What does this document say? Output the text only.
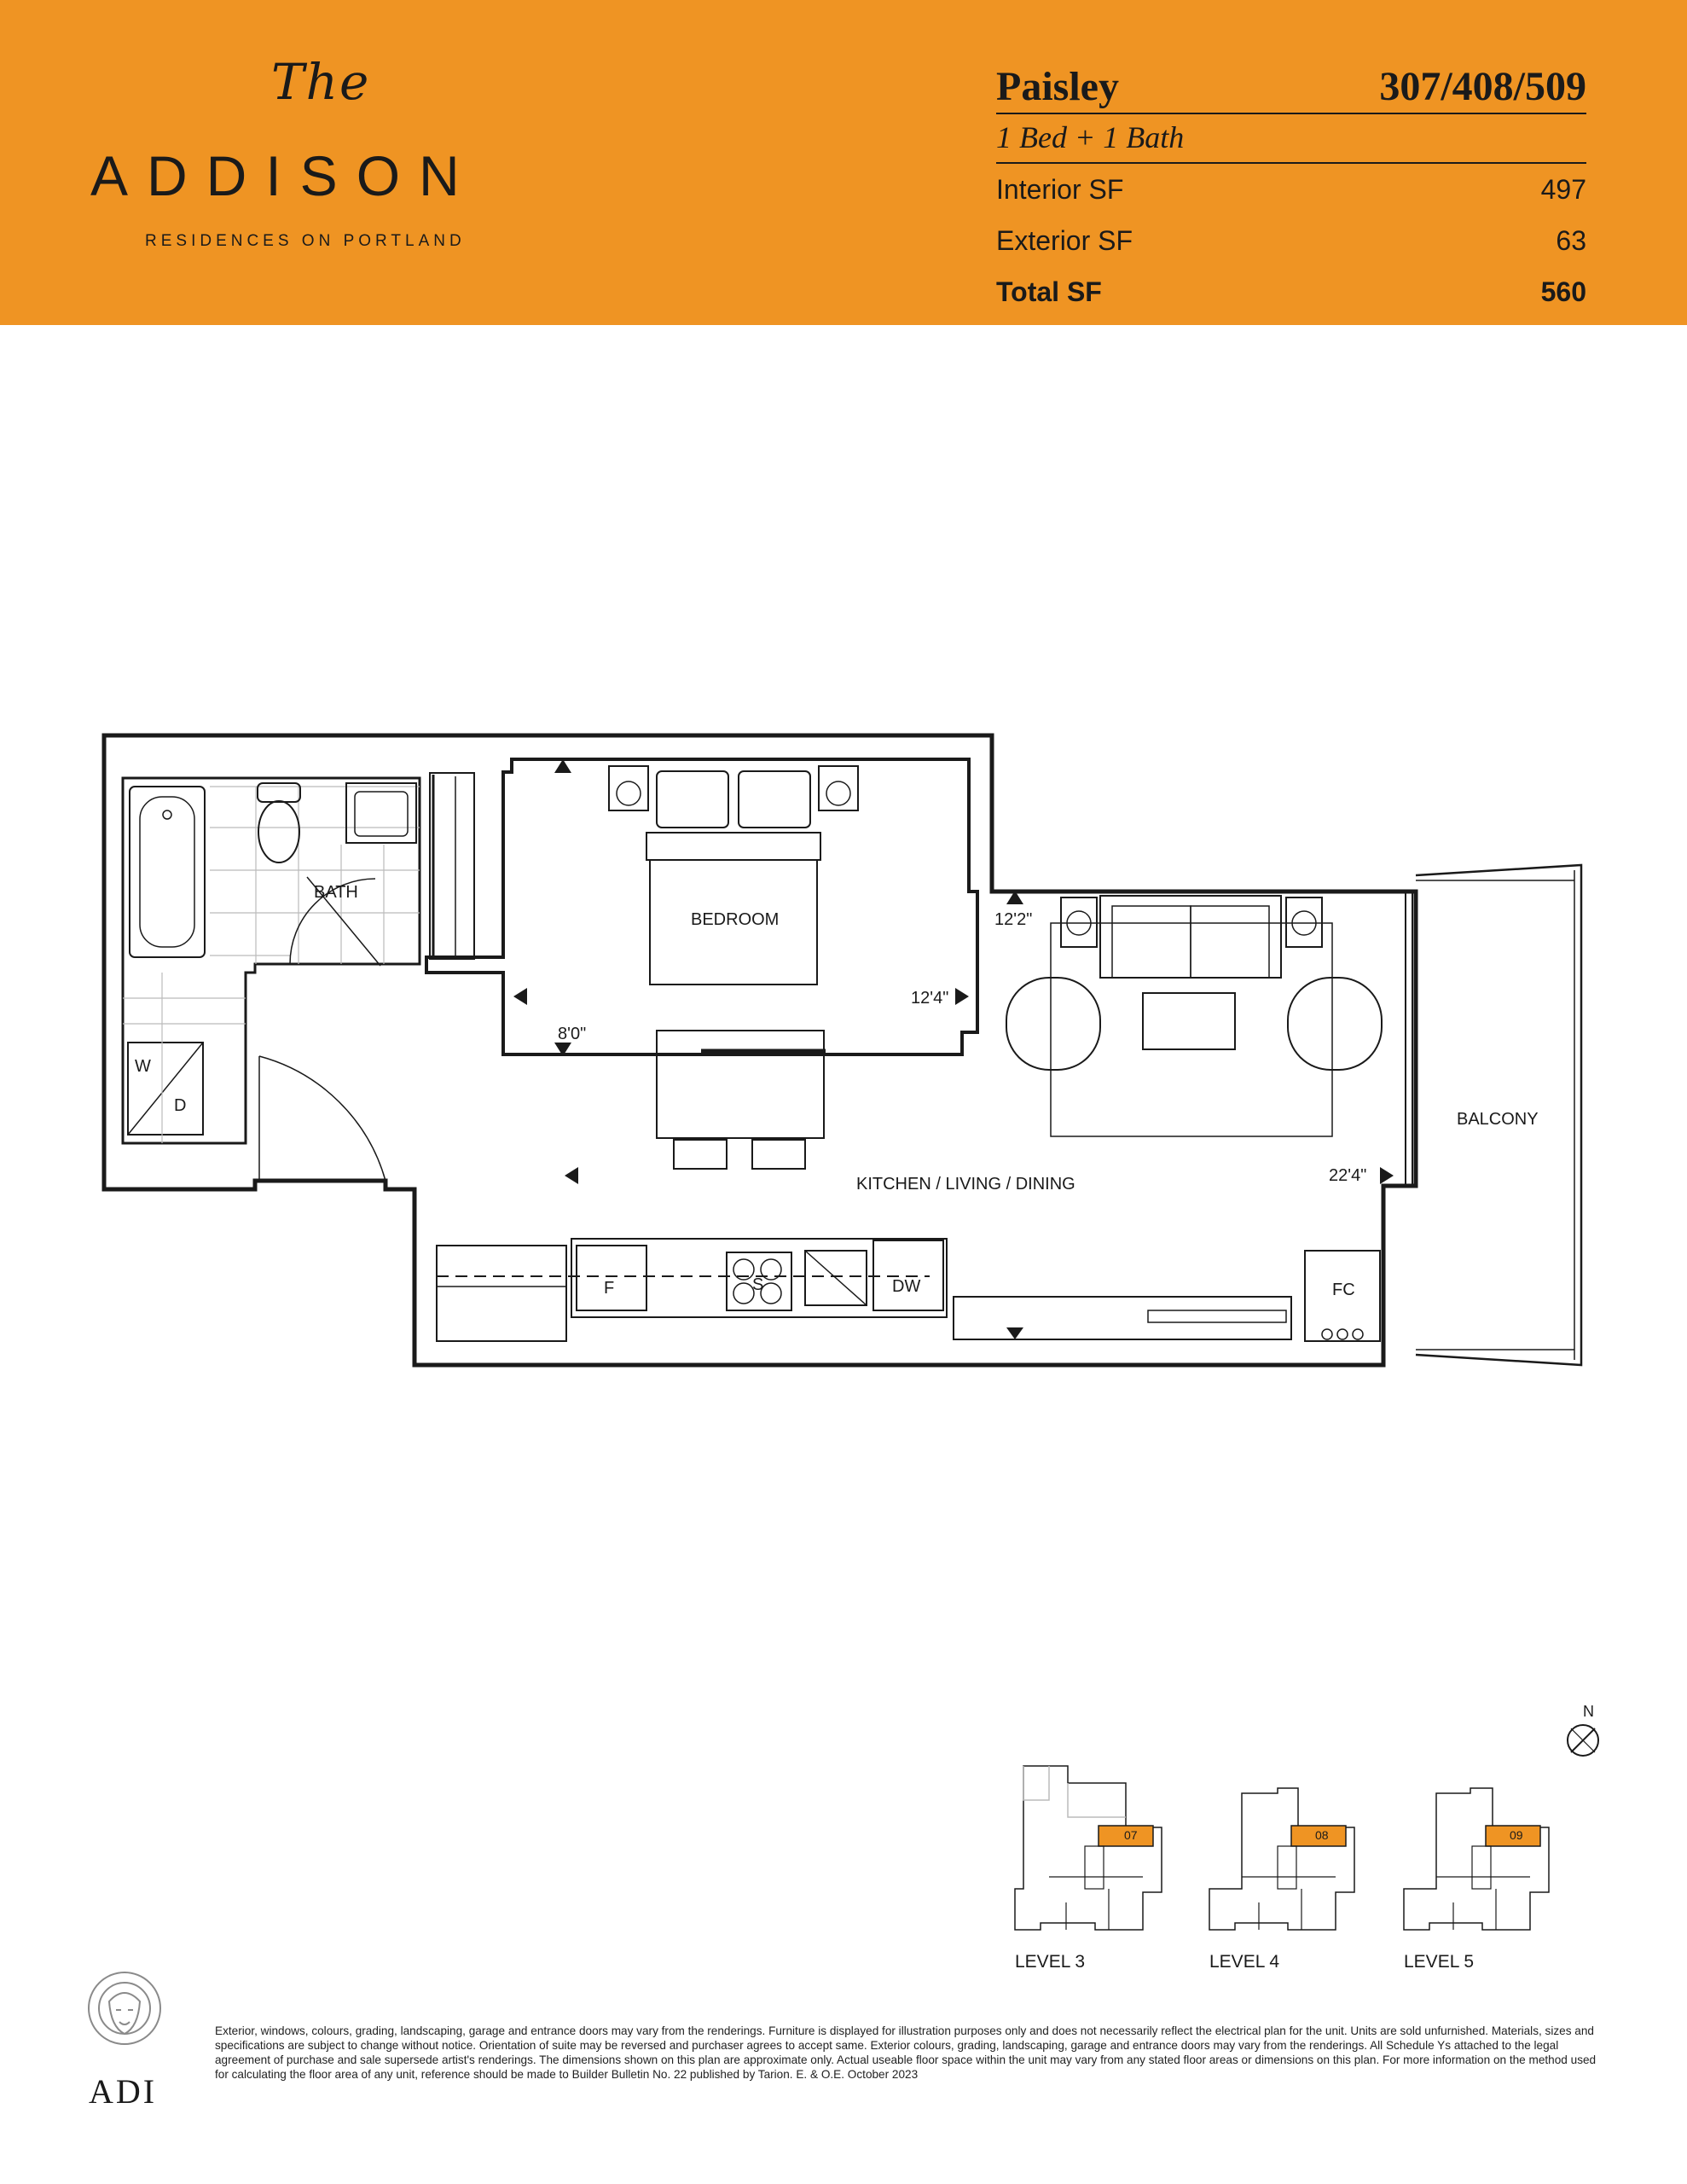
The
ADDISON
RESIDENCES ON PORTLAND
Paisley	307/408/509
1 Bed + 1 Bath
Interior SF	497
Exterior SF	63
Total SF	560
BATH
BEDROOM
KITCHEN / LIVING / DINING
BALCONY
FC
F	DW
W
D
S
12'4"
8'0"
12'2"
22'4"
N
07	08	09
LEVEL 3	LEVEL 4	LEVEL 5
ADI
Exterior, windows, colours, grading, landscaping, garage and entrance doors may vary from the renderings. Furniture is displayed for illustration purposes only and does not necessarily reflect the electrical plan for the unit. Units are sold unfurnished. Materials, sizes and specifications are subject to change without notice. Orientation of suite may be reversed and purchaser agrees to accept same. Exterior colours, grading, landscaping, garage and entrance doors may vary from the renderings. All Schedule Ys attached to the legal agreement of purchase and sale supersede artist's renderings. The dimensions shown on this plan are approximate only. Actual useable floor space within the unit may vary from any stated floor areas or dimensions on this plan. For more information on the method used for calculating the floor area of any unit, reference should be made to Builder Bulletin No. 22 published by Tarion. E. & O.E. October 2023
